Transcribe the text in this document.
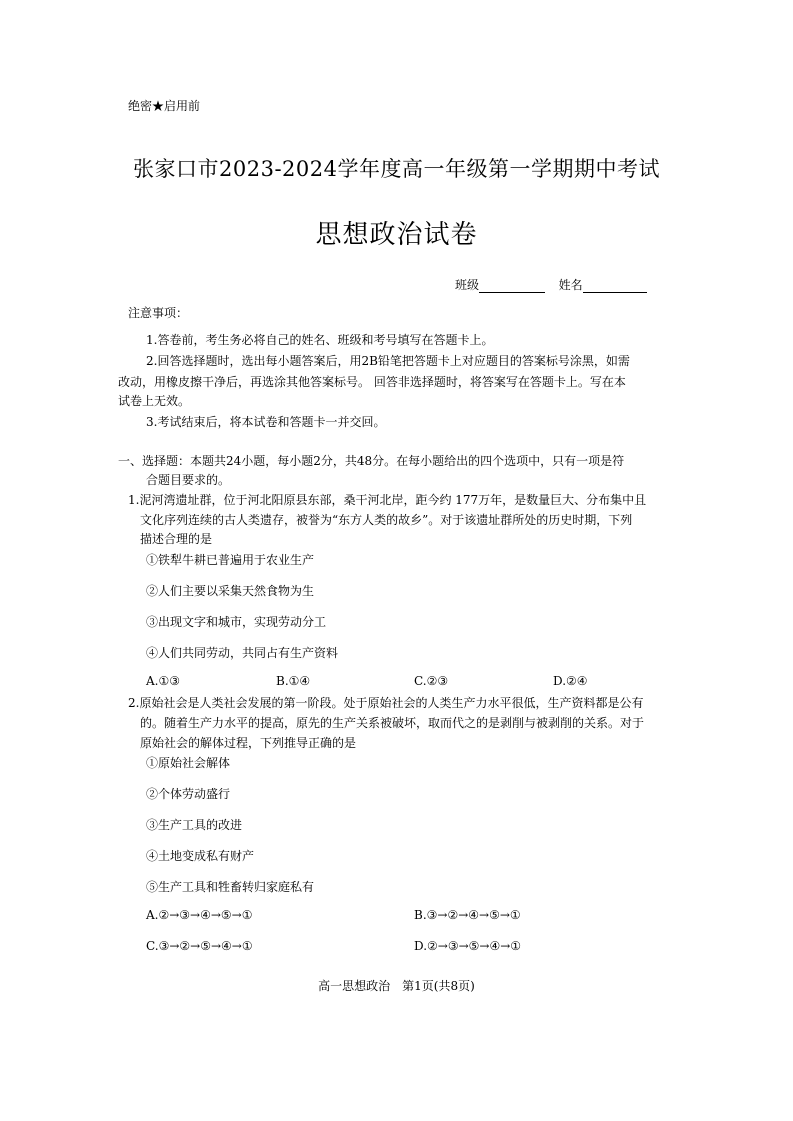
绝密★启用前
张家口市2023-2024学年度高一年级第一学期期中考试
思想政治试卷
班级	姓名
注意事项：
1.答卷前，考生务必将自己的姓名、班级和考号填写在答题卡上。
2.回答选择题时，选出每小题答案后，用2B铅笔把答题卡上对应题目的答案标号涂黑，如需
改动，用橡皮擦干净后，再选涂其他答案标号。 回答非选择题时，将答案写在答题卡上。写在本
试卷上无效。
3.考试结束后，将本试卷和答题卡一并交回。
一、选择题：本题共24小题，每小题2分，共48分。在每小题给出的四个选项中，只有一项是符
合题目要求的。
1.泥河湾遗址群，位于河北阳原县东部，桑干河北岸，距今约 177万年，是数量巨大、分布集中且
文化序列连续的古人类遗存，被誉为“东方人类的故乡”。对于该遗址群所处的历史时期，下列
描述合理的是
①铁犁牛耕已普遍用于农业生产
②人们主要以采集天然食物为生
③出现文字和城市，实现劳动分工
④人们共同劳动，共同占有生产资料
A.①③	B.①④	C.②③	D.②④
2.原始社会是人类社会发展的第一阶段。处于原始社会的人类生产力水平很低，生产资料都是公有
的。随着生产力水平的提高，原先的生产关系被破坏，取而代之的是剥削与被剥削的关系。对于
原始社会的解体过程，下列推导正确的是
①原始社会解体
②个体劳动盛行
③生产工具的改进
④土地变成私有财产
⑤生产工具和牲畜转归家庭私有
A.②→③→④→⑤→①	B.③→②→④→⑤→①
C.③→②→⑤→④→①	D.②→③→⑤→④→①
高一思想政治　第1页(共8页)
